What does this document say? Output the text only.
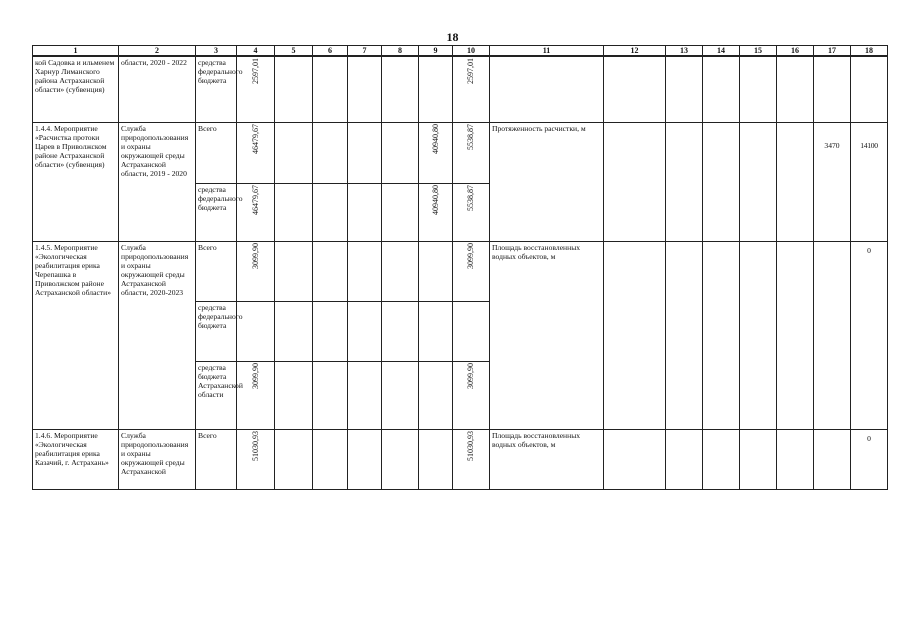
18
1	2	3	4	5	6	7	8	9	10	11	12	13	14	15	16	17	18
кой Садовка и ильменем Харнур Лиманского района Астраханской области» (субвенция)	области, 2020 - 2022	средства федерального бюджета	2597,01						2597,01								
1.4.4. Мероприятие «Расчистка протоки Царев в Приволжском районе Астраханской области» (субвенция)	Служба природопользования и охраны окружающей среды Астраханской области, 2019 - 2020	Всего	46479,67					40940,80	5538,87	Протяженность расчистки, м						3470	14100
		средства федерального бюджета	46479,67					40940,80	5538,87								
1.4.5. Мероприятие «Экологическая реабилитация ерика Черепашка в Приволжском районе Астраханской области»	Служба природопользования и охраны окружающей среды Астраханской области, 2020-2023	Всего	3099,90						3099,90	Площадь восстановленных водных объектов, м							0
		средства федерального бюджета															
		средства бюджета Астраханской области	3099,90						3099,90								
1.4.6. Мероприятие «Экологическая реабилитация ерика Казачий, г. Астрахань»	Служба природопользования и охраны окружающей среды Астраханской	Всего	51030,93						51030,93	Площадь восстановленных водных объектов, м							0
